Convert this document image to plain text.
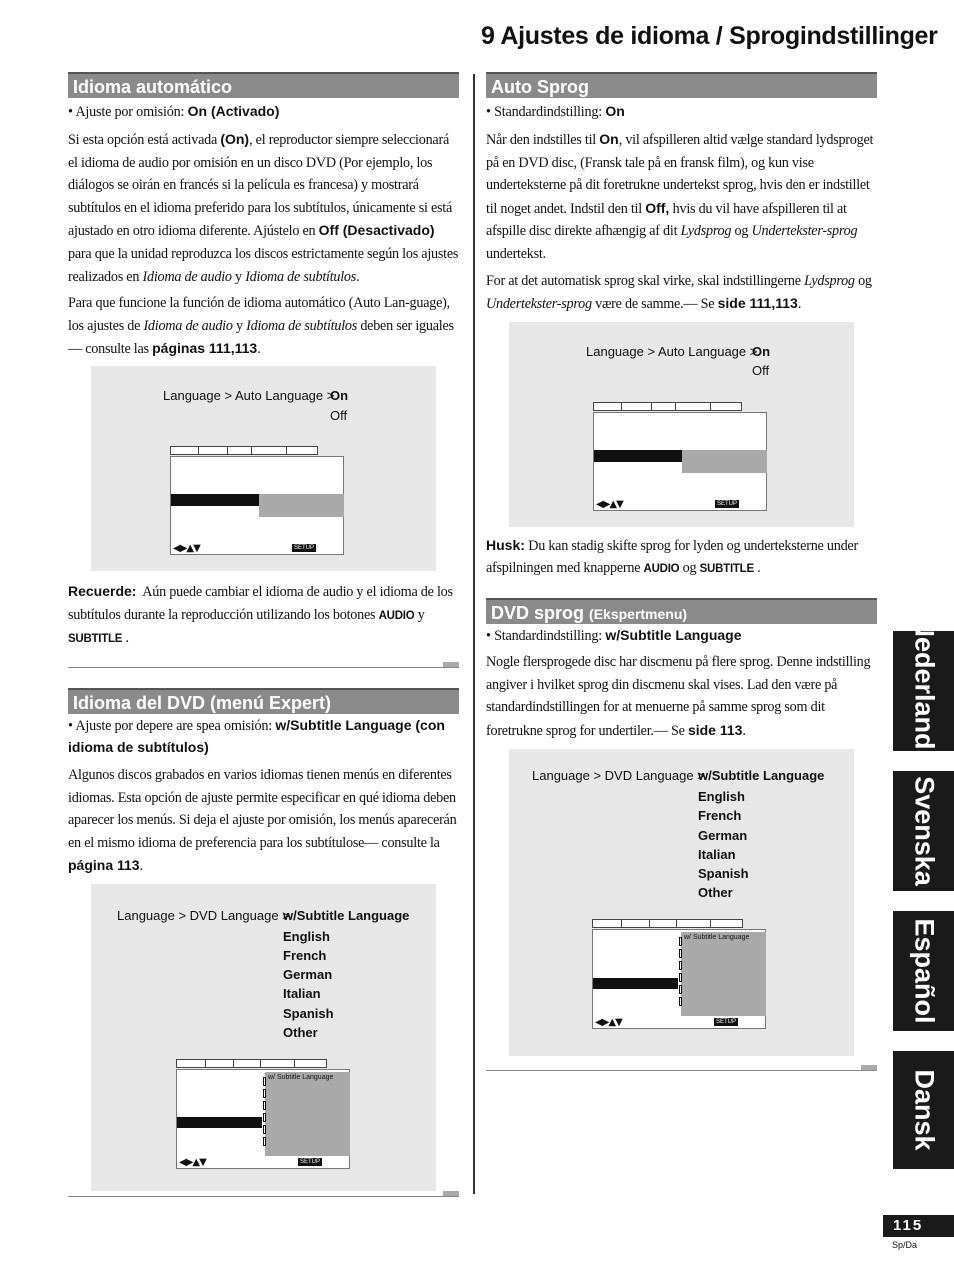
9 Ajustes de idioma / Sprogindstillinger
Idioma automático
• Ajuste por omisión: On (Activado)

Si esta opción está activada (On), el reproductor siempre seleccionará el idioma de audio por omisión en un disco DVD (Por ejemplo, los diálogos se oirán en francés si la película es francesa) y mostrará subtítulos en el idioma preferido para los subtítulos, únicamente si está ajustado en otro idioma diferente. Ajústelo en Off (Desactivado) para que la unidad reproduzca los discos estrictamente según los ajustes realizados en Idioma de audio y Idioma de subtítulos.

Para que funcione la función de idioma automático (Auto Lan-guage), los ajustes de Idioma de audio y Idioma de subtítulos deben ser iguales— consulte las páginas 111,113.

Language > Auto Language >
On
Off
◀▶▲▼	SETUP

Recuerde: Aún puede cambiar el idioma de audio y el idioma de los subtítulos durante la reproducción utilizando los botones AUDIO y SUBTITLE .

Idioma del DVD (menú Expert)
• Ajuste por depere are spea omisión: w/Subtitle Language (con idioma de subtítulos)

Algunos discos grabados en varios idiomas tienen menús en diferentes idiomas. Esta opción de ajuste permite especificar en qué idioma deben aparecer los menús. Si deja el ajuste por omisión, los menús aparecerán en el mismo idioma de preferencia para los subtítulose— consulte la  página 113.

Language > DVD Language >
w/Subtitle Language
English
French
German
Italian
Spanish
Other
w/ Subtitle Language
◀▶▲▼	SETUP
Auto Sprog
• Standardindstilling: On

Når den indstilles til On, vil afspilleren altid vælge standard lydsproget på en DVD disc, (Fransk tale på en fransk film), og kun vise underteksterne på dit foretrukne undertekst sprog, hvis den er indstillet til noget andet. Indstil den til Off, hvis du vil have afspilleren til at afspille disc direkte afhængig af dit Lydsprog og Undertekster-sprog undertekst.

For at det automatisk sprog skal virke, skal indstillingerne Lydsprog og Undertekster-sprog være de samme.— Se side 111,113.

Language > Auto Language >
On
Off
◀▶▲▼	SETUP

Husk: Du kan stadig skifte sprog for lyden og underteksterne under afspilningen med knapperne AUDIO og SUBTITLE .

DVD sprog (Ekspertmenu)
• Standardindstilling: w/Subtitle Language

Nogle flersprogede disc har discmenu på flere sprog. Denne indstilling angiver i hvilket sprog din discmenu skal vises. Lad den være på standardindstillingen for at menuerne på samme sprog som dit foretrukne sprog for undertiler.— Se side 113.

Language > DVD Language >
w/Subtitle Language
English
French
German
Italian
Spanish
Other
w/ Subtitle Language
◀▶▲▼	SETUP
Nederlands
Svenska
Español
Dansk
115
Sp/Da
